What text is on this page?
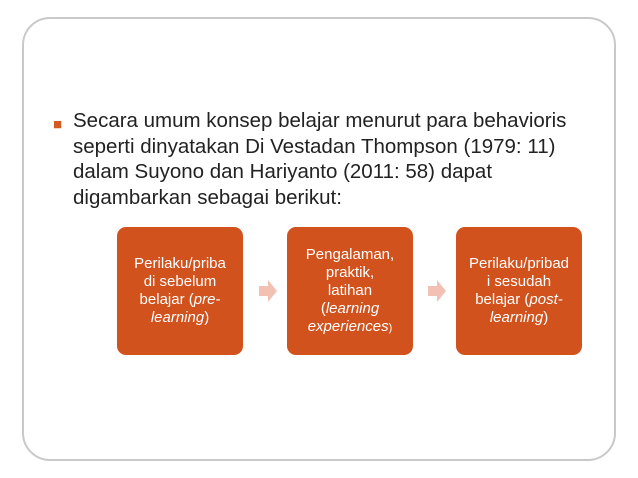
■ Secara umum konsep belajar menurut para behavioris seperti dinyatakan Di Vestadan Thompson (1979: 11) dalam Suyono dan Hariyanto (2011: 58) dapat digambarkan sebagai berikut:

Perilaku/priba
di sebelum
belajar (pre-
learning)
Pengalaman,
praktik,
latihan
(learning
experiences)
Perilaku/pribad
i sesudah
belajar (post-
learning)
